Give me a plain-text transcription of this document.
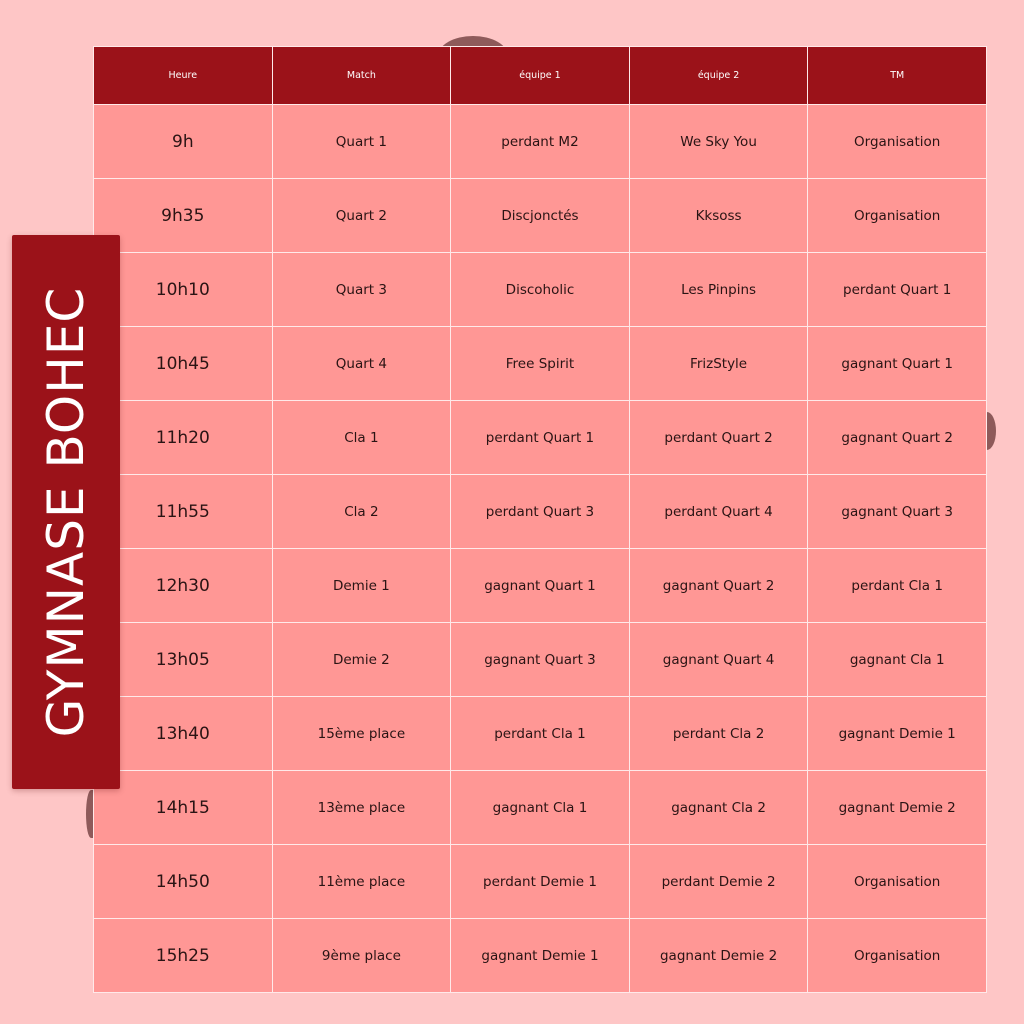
Heure	Match	équipe 1	équipe 2	TM
9h	Quart 1	perdant M2	We Sky You	Organisation
9h35	Quart 2	Discjonctés	Kksoss	Organisation
10h10	Quart 3	Discoholic	Les Pinpins	perdant Quart 1
10h45	Quart 4	Free Spirit	FrizStyle	gagnant Quart 1
11h20	Cla 1	perdant Quart 1	perdant Quart 2	gagnant Quart 2
11h55	Cla 2	perdant Quart 3	perdant Quart 4	gagnant Quart 3
12h30	Demie 1	gagnant Quart 1	gagnant Quart 2	perdant Cla 1
13h05	Demie 2	gagnant Quart 3	gagnant Quart 4	gagnant Cla 1
13h40	15ème place	perdant Cla 1	perdant Cla 2	gagnant Demie 1
14h15	13ème place	gagnant Cla 1	gagnant Cla 2	gagnant Demie 2
14h50	11ème place	perdant Demie 1	perdant Demie 2	Organisation
15h25	9ème place	gagnant Demie 1	gagnant Demie 2	Organisation
GYMNASE BOHEC
